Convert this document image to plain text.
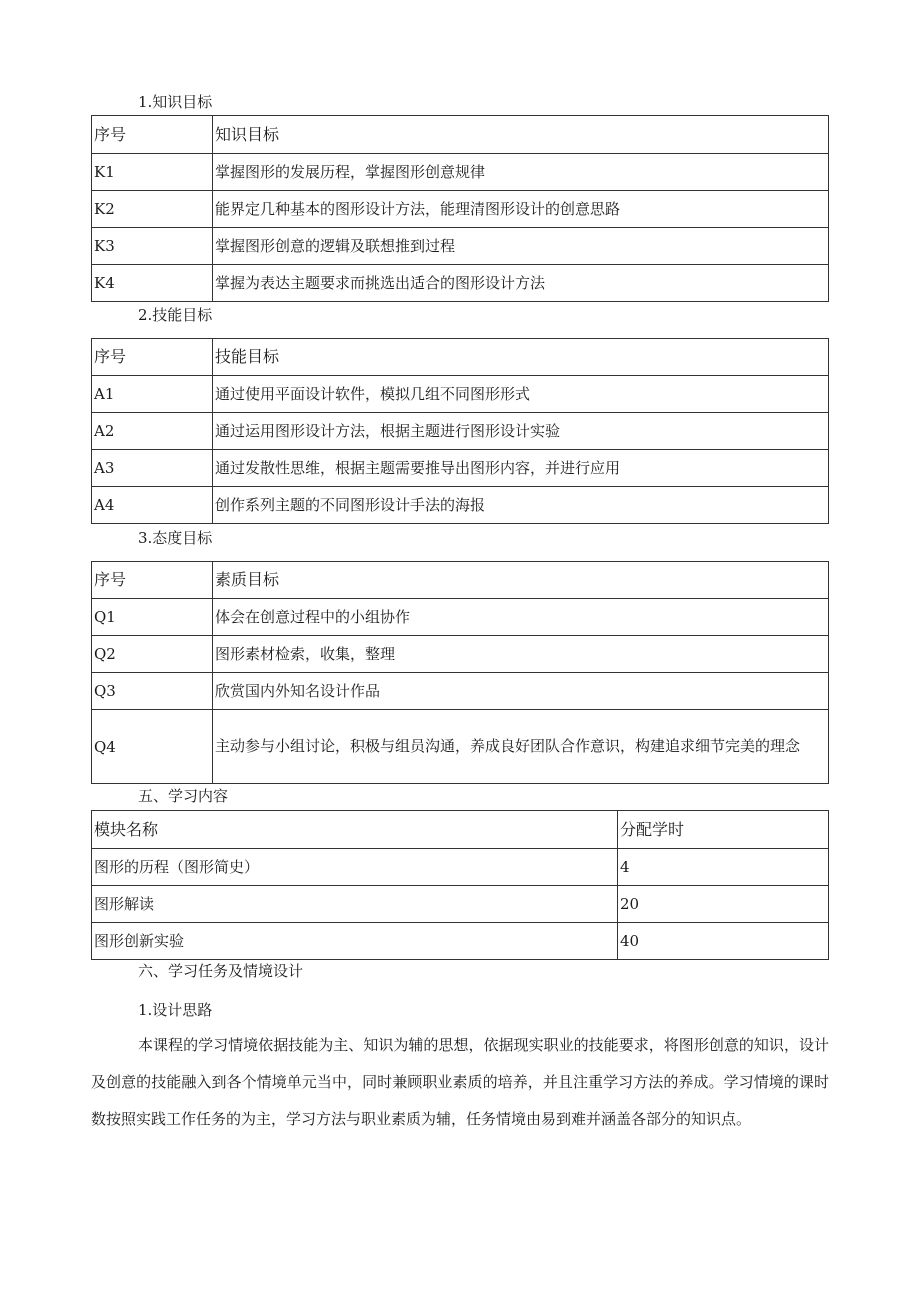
1.知识目标
序号	知识目标
K1	掌握图形的发展历程，掌握图形创意规律
K2	能界定几种基本的图形设计方法，能理清图形设计的创意思路
K3	掌握图形创意的逻辑及联想推到过程
K4	掌握为表达主题要求而挑选出适合的图形设计方法
2.技能目标
序号	技能目标
A1	通过使用平面设计软件，模拟几组不同图形形式
A2	通过运用图形设计方法，根据主题进行图形设计实验
A3	通过发散性思维，根据主题需要推导出图形内容，并进行应用
A4	创作系列主题的不同图形设计手法的海报
3.态度目标
序号	素质目标
Q1	体会在创意过程中的小组协作
Q2	图形素材检索，收集，整理
Q3	欣赏国内外知名设计作品
Q4	主动参与小组讨论，积极与组员沟通，养成良好团队合作意识，构建追求细节完美的理念
五、学习内容
模块名称	分配学时
图形的历程（图形简史）	4
图形解读	20
图形创新实验	40
六、学习任务及情境设计
1.设计思路
本课程的学习情境依据技能为主、知识为辅的思想，依据现实职业的技能要求，将图形创意的知识，设计及创意的技能融入到各个情境单元当中，同时兼顾职业素质的培养，并且注重学习方法的养成。学习情境的课时数按照实践工作任务的为主，学习方法与职业素质为辅，任务情境由易到难并涵盖各部分的知识点。
